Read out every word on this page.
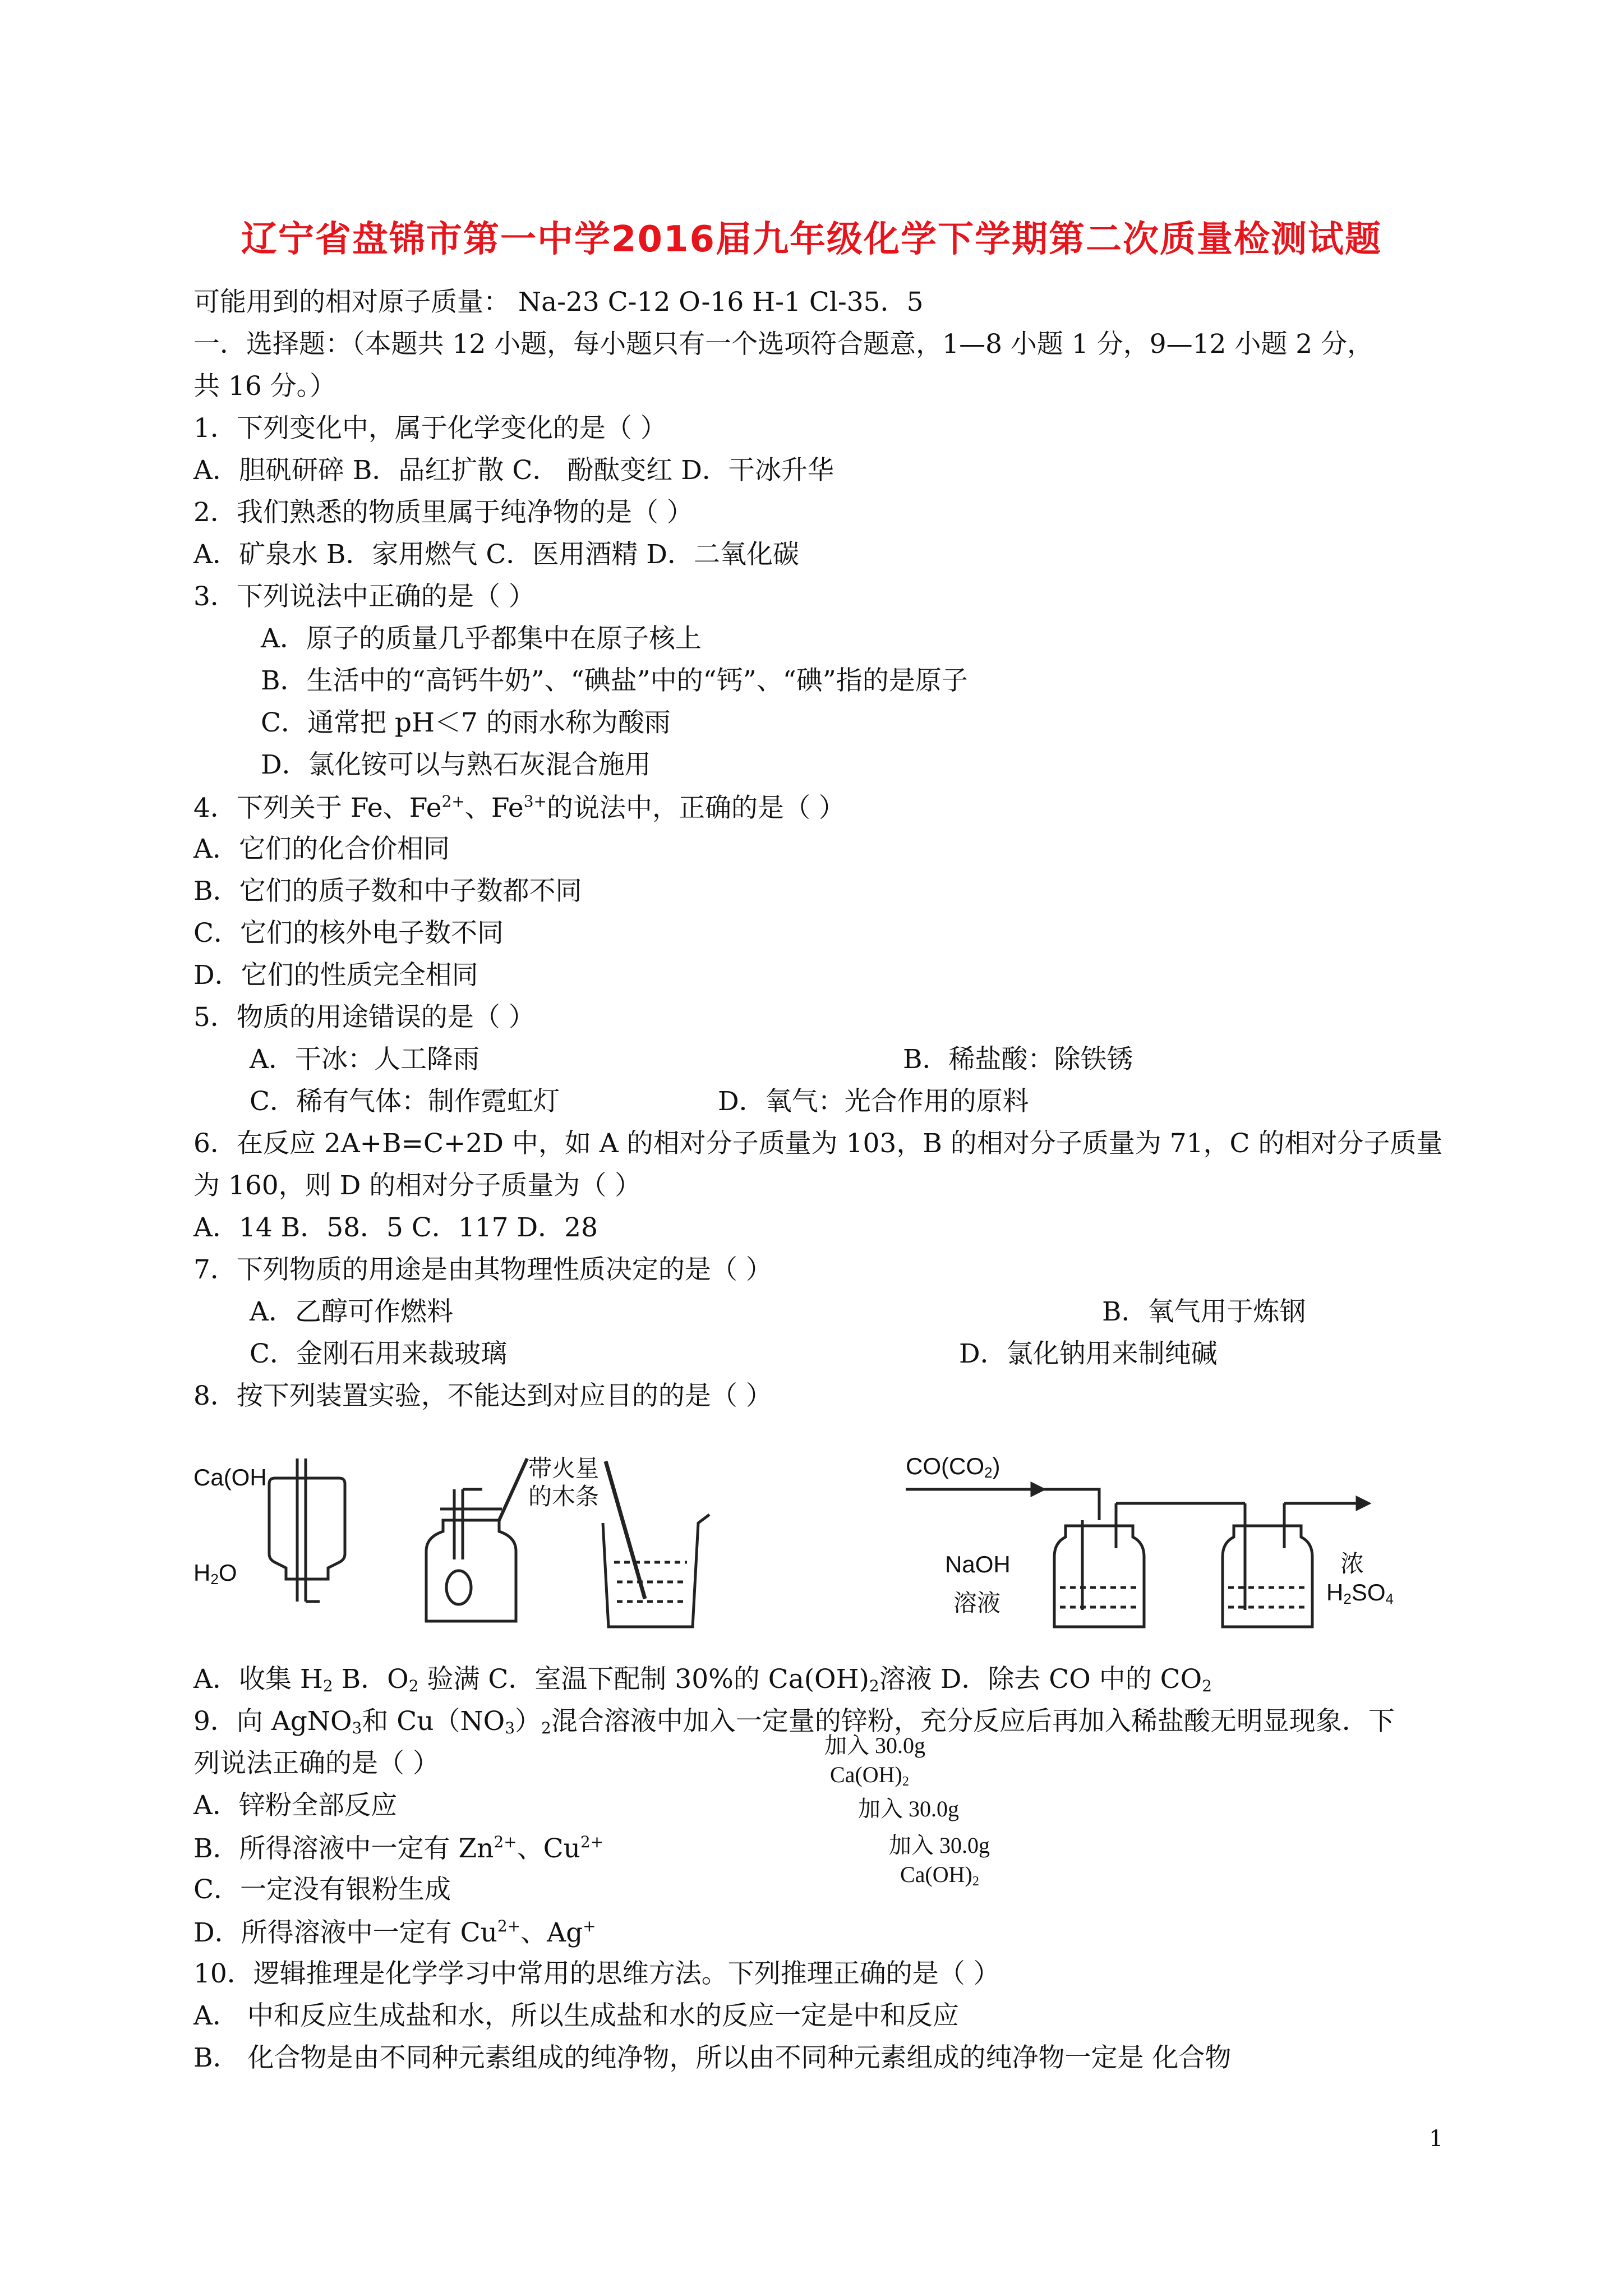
辽宁省盘锦市第一中学2016届九年级化学下学期第二次质量检测试题
可能用到的相对原子质量： Na-23 C-12 O-16 H-1 Cl-35．5
一．选择题：（本题共 12 小题，每小题只有一个选项符合题意，1—8 小题 1 分，9—12 小题 2 分，
共 16 分。）
1．下列变化中，属于化学变化的是（ ）
A．胆矾研碎 B．品红扩散 C． 酚酞变红 D．干冰升华
2．我们熟悉的物质里属于纯净物的是（ ）
A．矿泉水 B．家用燃气 C．医用酒精 D．二氧化碳
3．下列说法中正确的是（ ）
A．原子的质量几乎都集中在原子核上
B．生活中的“高钙牛奶”、“碘盐”中的“钙”、“碘”指的是原子
C．通常把 pH＜7 的雨水称为酸雨
D．氯化铵可以与熟石灰混合施用
4．下列关于 Fe、$Fe^{2+}$、$Fe^{3+}$的说法中，正确的是（ ）
A．它们的化合价相同
B．它们的质子数和中子数都不同
C．它们的核外电子数不同
D．它们的性质完全相同
5．物质的用途错误的是（ ）
A．干冰：人工降雨	B．稀盐酸：除铁锈
C．稀有气体：制作霓虹灯	D．氧气：光合作用的原料
6．在反应 2A+B=C+2D 中，如 A 的相对分子质量为 103，B 的相对分子质量为 71，C 的相对分子质量
为 160，则 D 的相对分子质量为（ ）
A．14 B．58．5 C．117 D．28
7．下列物质的用途是由其物理性质决定的是（ ）
A．乙醇可作燃料	B．氧气用于炼钢
C．金刚石用来裁玻璃	D．氯化钠用来制纯碱
8．按下列装置实验，不能达到对应目的的是（ ）
Ca(OH
$H_2O$
带火星
的木条
$CO(CO_2)$
NaOH
溶液
浓
$H_2SO_4$
A．收集 $H_2$ B．$O_2$ 验满 C．室温下配制 30%的 $Ca(OH)_2$溶液 D．除去 CO 中的 $CO_2$
9．向 AgNO$_3$和 $Cu(NO_3)_2$混合溶液中加入一定量的锌粉，充分反应后再加入稀盐酸无明显现象．下
列说法正确的是（ ）
A．锌粉全部反应
B．所得溶液中一定有 $Zn^{2+}$、$Cu^{2+}$
C．一定没有银粉生成
D．所得溶液中一定有 $Cu^{2+}$、Ag+
加入 30.0g
$Ca(OH)_2$
加入 30.0g
加入 30.0g
$Ca(OH)_2$
10．逻辑推理是化学学习中常用的思维方法。下列推理正确的是（ ）
A． 中和反应生成盐和水，所以生成盐和水的反应一定是中和反应
B． 化合物是由不同种元素组成的纯净物，所以由不同种元素组成的纯净物一定是 化合物
1
